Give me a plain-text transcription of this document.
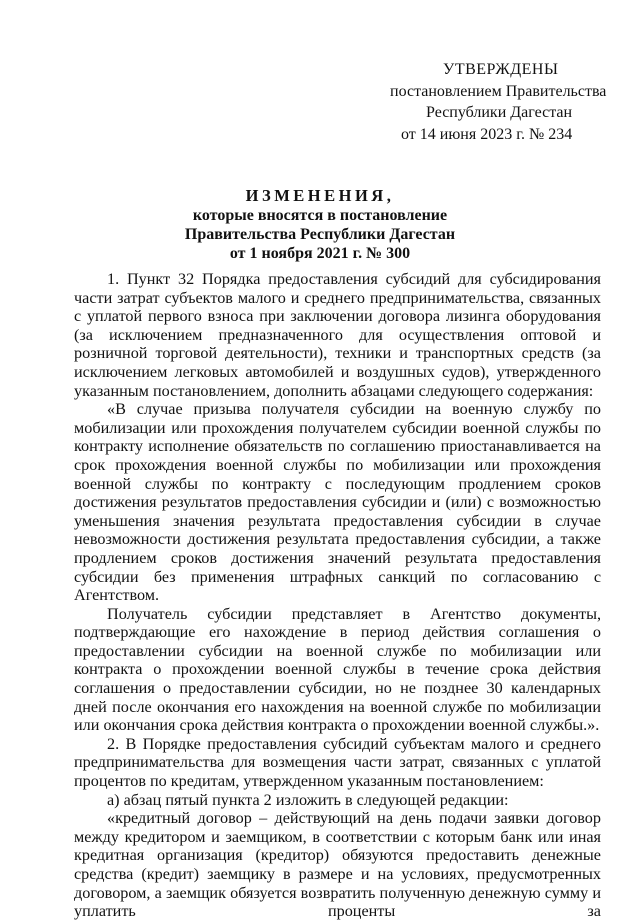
УТВЕРЖДЕНЫ
постановлением Правительства
Республики Дагестан
от 14 июня 2023 г. № 234
ИЗМЕНЕНИЯ,
которые вносятся в постановление
Правительства Республики Дагестан
от 1 ноября 2021 г. № 300

1. Пункт 32 Порядка предоставления субсидий для субсидирования части затрат субъектов малого и среднего предпринимательства, связанных с уплатой первого взноса при заключении договора лизинга оборудования (за исключением предназначенного для осуществления оптовой и розничной торговой деятельности), техники и транспортных средств (за исключением легковых автомобилей и воздушных судов), утвержденного указанным постановлением, дополнить абзацами следующего содержания:

«В случае призыва получателя субсидии на военную службу по мобилизации или прохождения получателем субсидии военной службы по контракту исполнение обязательств по соглашению приостанавливается на срок прохождения военной службы по мобилизации или прохождения военной службы по контракту с последующим продлением сроков достижения результатов предоставления субсидии и (или) с возможностью уменьшения значения результата предоставления субсидии в случае невозможности достижения результата предоставления субсидии, а также продлением сроков достижения значений результата предоставления субсидии без применения штрафных санкций по согласованию с Агентством.

Получатель субсидии представляет в Агентство документы, подтверждающие его нахождение в период действия соглашения о предоставлении субсидии на военной службе по мобилизации или контракта о прохождении военной службы в течение срока действия соглашения о предоставлении субсидии, но не позднее 30 календарных дней после окончания его нахождения на военной службе по мобилизации или окончания срока действия контракта о прохождении военной службы.».

2. В Порядке предоставления субсидий субъектам малого и среднего предпринимательства для возмещения части затрат, связанных с уплатой процентов по кредитам, утвержденном указанным постановлением:

а) абзац пятый пункта 2 изложить в следующей редакции:

«кредитный договор – действующий на день подачи заявки договор между кредитором и заемщиком, в соответствии с которым банк или иная кредитная организация (кредитор) обязуются предоставить денежные средства (кредит) заемщику в размере и на условиях, предусмотренных договором, а заемщик обязуется возвратить полученную денежную сумму и уплатить проценты за
